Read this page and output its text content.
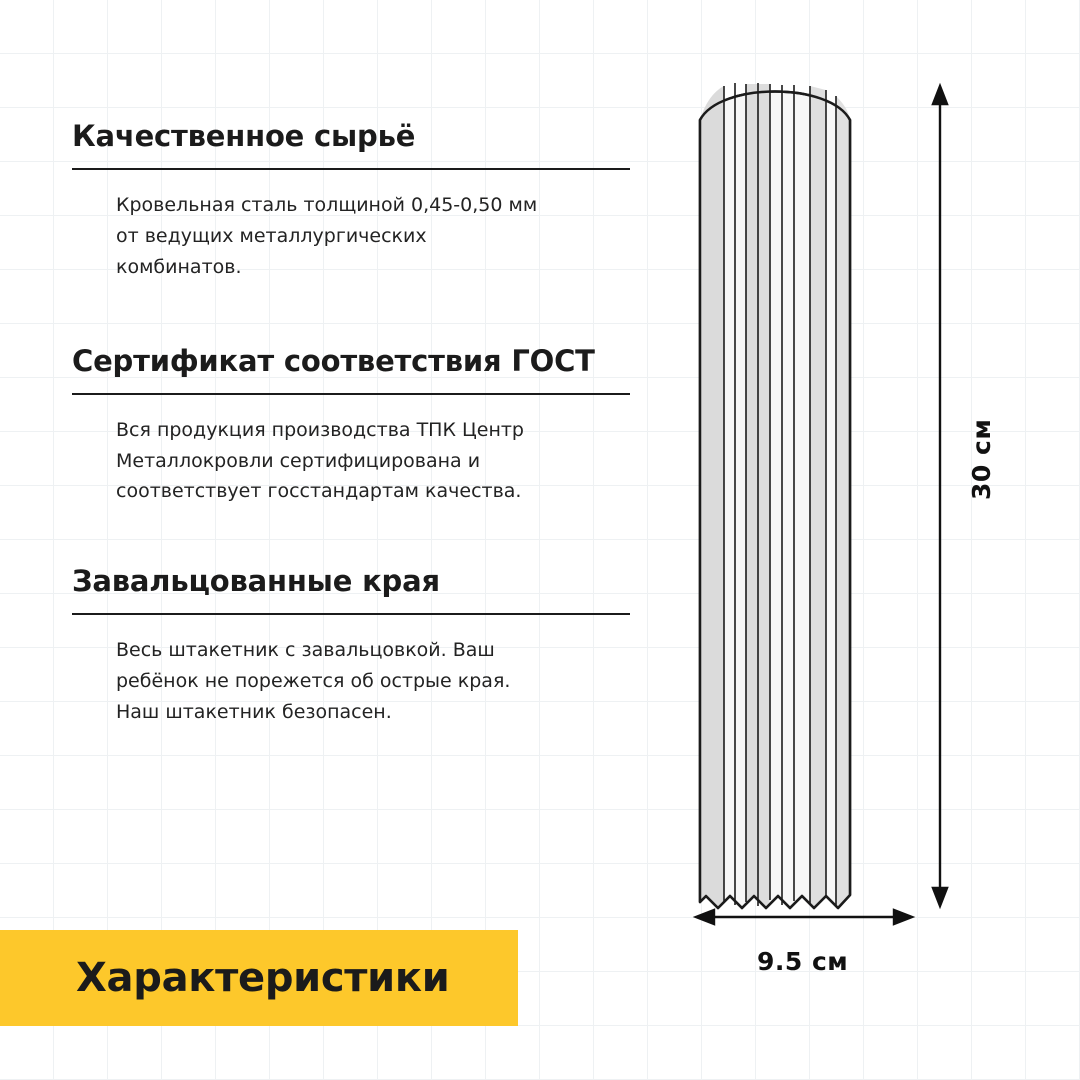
Качественное сырьё
Кровельная сталь толщиной 0,45-0,50 мм от ведущих металлургических комбинатов.
Сертификат соответствия ГОСТ
Вся продукция производства ТПК Центр Металлокровли сертифицирована и соответствует госстандартам качества.
Завальцованные края
Весь штакетник с завальцовкой. Ваш ребёнок не порежется об острые края. Наш штакетник безопасен.
Характеристики
30 см
9.5 см
